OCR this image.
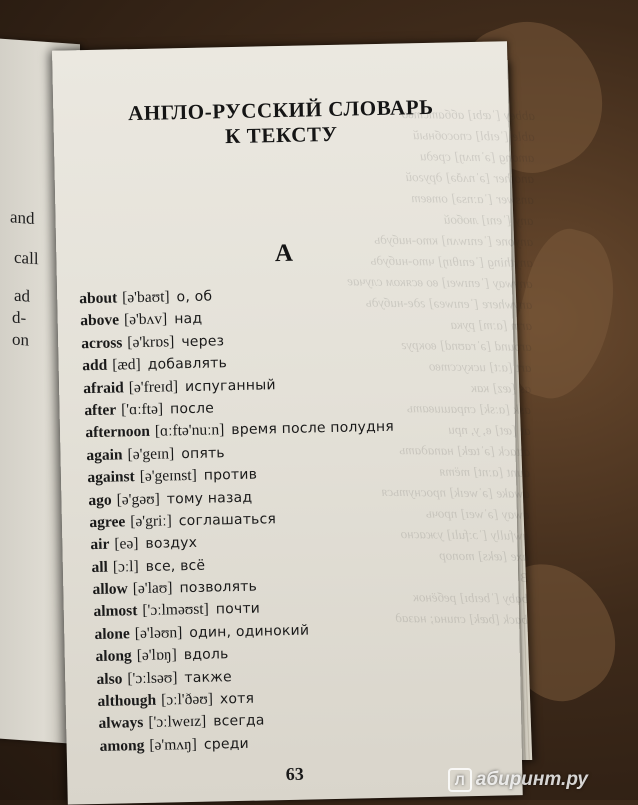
and
call
ad
d-
on
abbey [ˈæbɪ] аббатство
able [ˈeɪbl] способный
among [əˈmʌŋ] среди
another [əˈnʌðə] другой
answer [ˈɑːnsə] ответ
any [ˈenɪ] любой
anyone [ˈenɪwʌn] кто-нибудь
anything [ˈenɪθɪŋ] что-нибудь
anyway [ˈenɪweɪ] во всяком случае
anywhere [ˈenɪweə] где-нибудь
arm [ɑːm] рука
around [əˈraʊnd] вокруг
art [ɑːt] искусство
as [æz] как
ask [ɑːsk] спрашивать
at [æt] в, у, при
attack [əˈtæk] нападать
aunt [ɑːnt] тётя
awake [əˈweɪk] проснуться
away [əˈweɪ] прочь
awfully [ˈɔːfulɪ] ужасно
axe [æks] топор
B
baby [ˈbeɪbɪ] ребёнок
back [bæk] спина; назад
АНГЛО-РУССКИЙ СЛОВАРЬ
К ТЕКСТУ
А
about [ə'baʊt] о, об
above [ə'bʌv] над
across [ə'krɒs] через
add [æd] добавлять
afraid [ə'freɪd] испуганный
after ['ɑːftə] после
afternoon [ɑːftə'nuːn] время после полудня
again [ə'geɪn] опять
against [ə'geɪnst] против
ago [ə'gəʊ] тому назад
agree [ə'griː] соглашаться
air [eə] воздух
all [ɔːl] все, всё
allow [ə'laʊ] позволять
almost ['ɔːlməʊst] почти
alone [ə'ləʊn] один, одинокий
along [ə'lɒŋ] вдоль
also ['ɔːlsəʊ] также
although [ɔːl'ðəʊ] хотя
always ['ɔːlweɪz] всегда
among [ə'mʌŋ] среди
63	Л абиринт.ру
